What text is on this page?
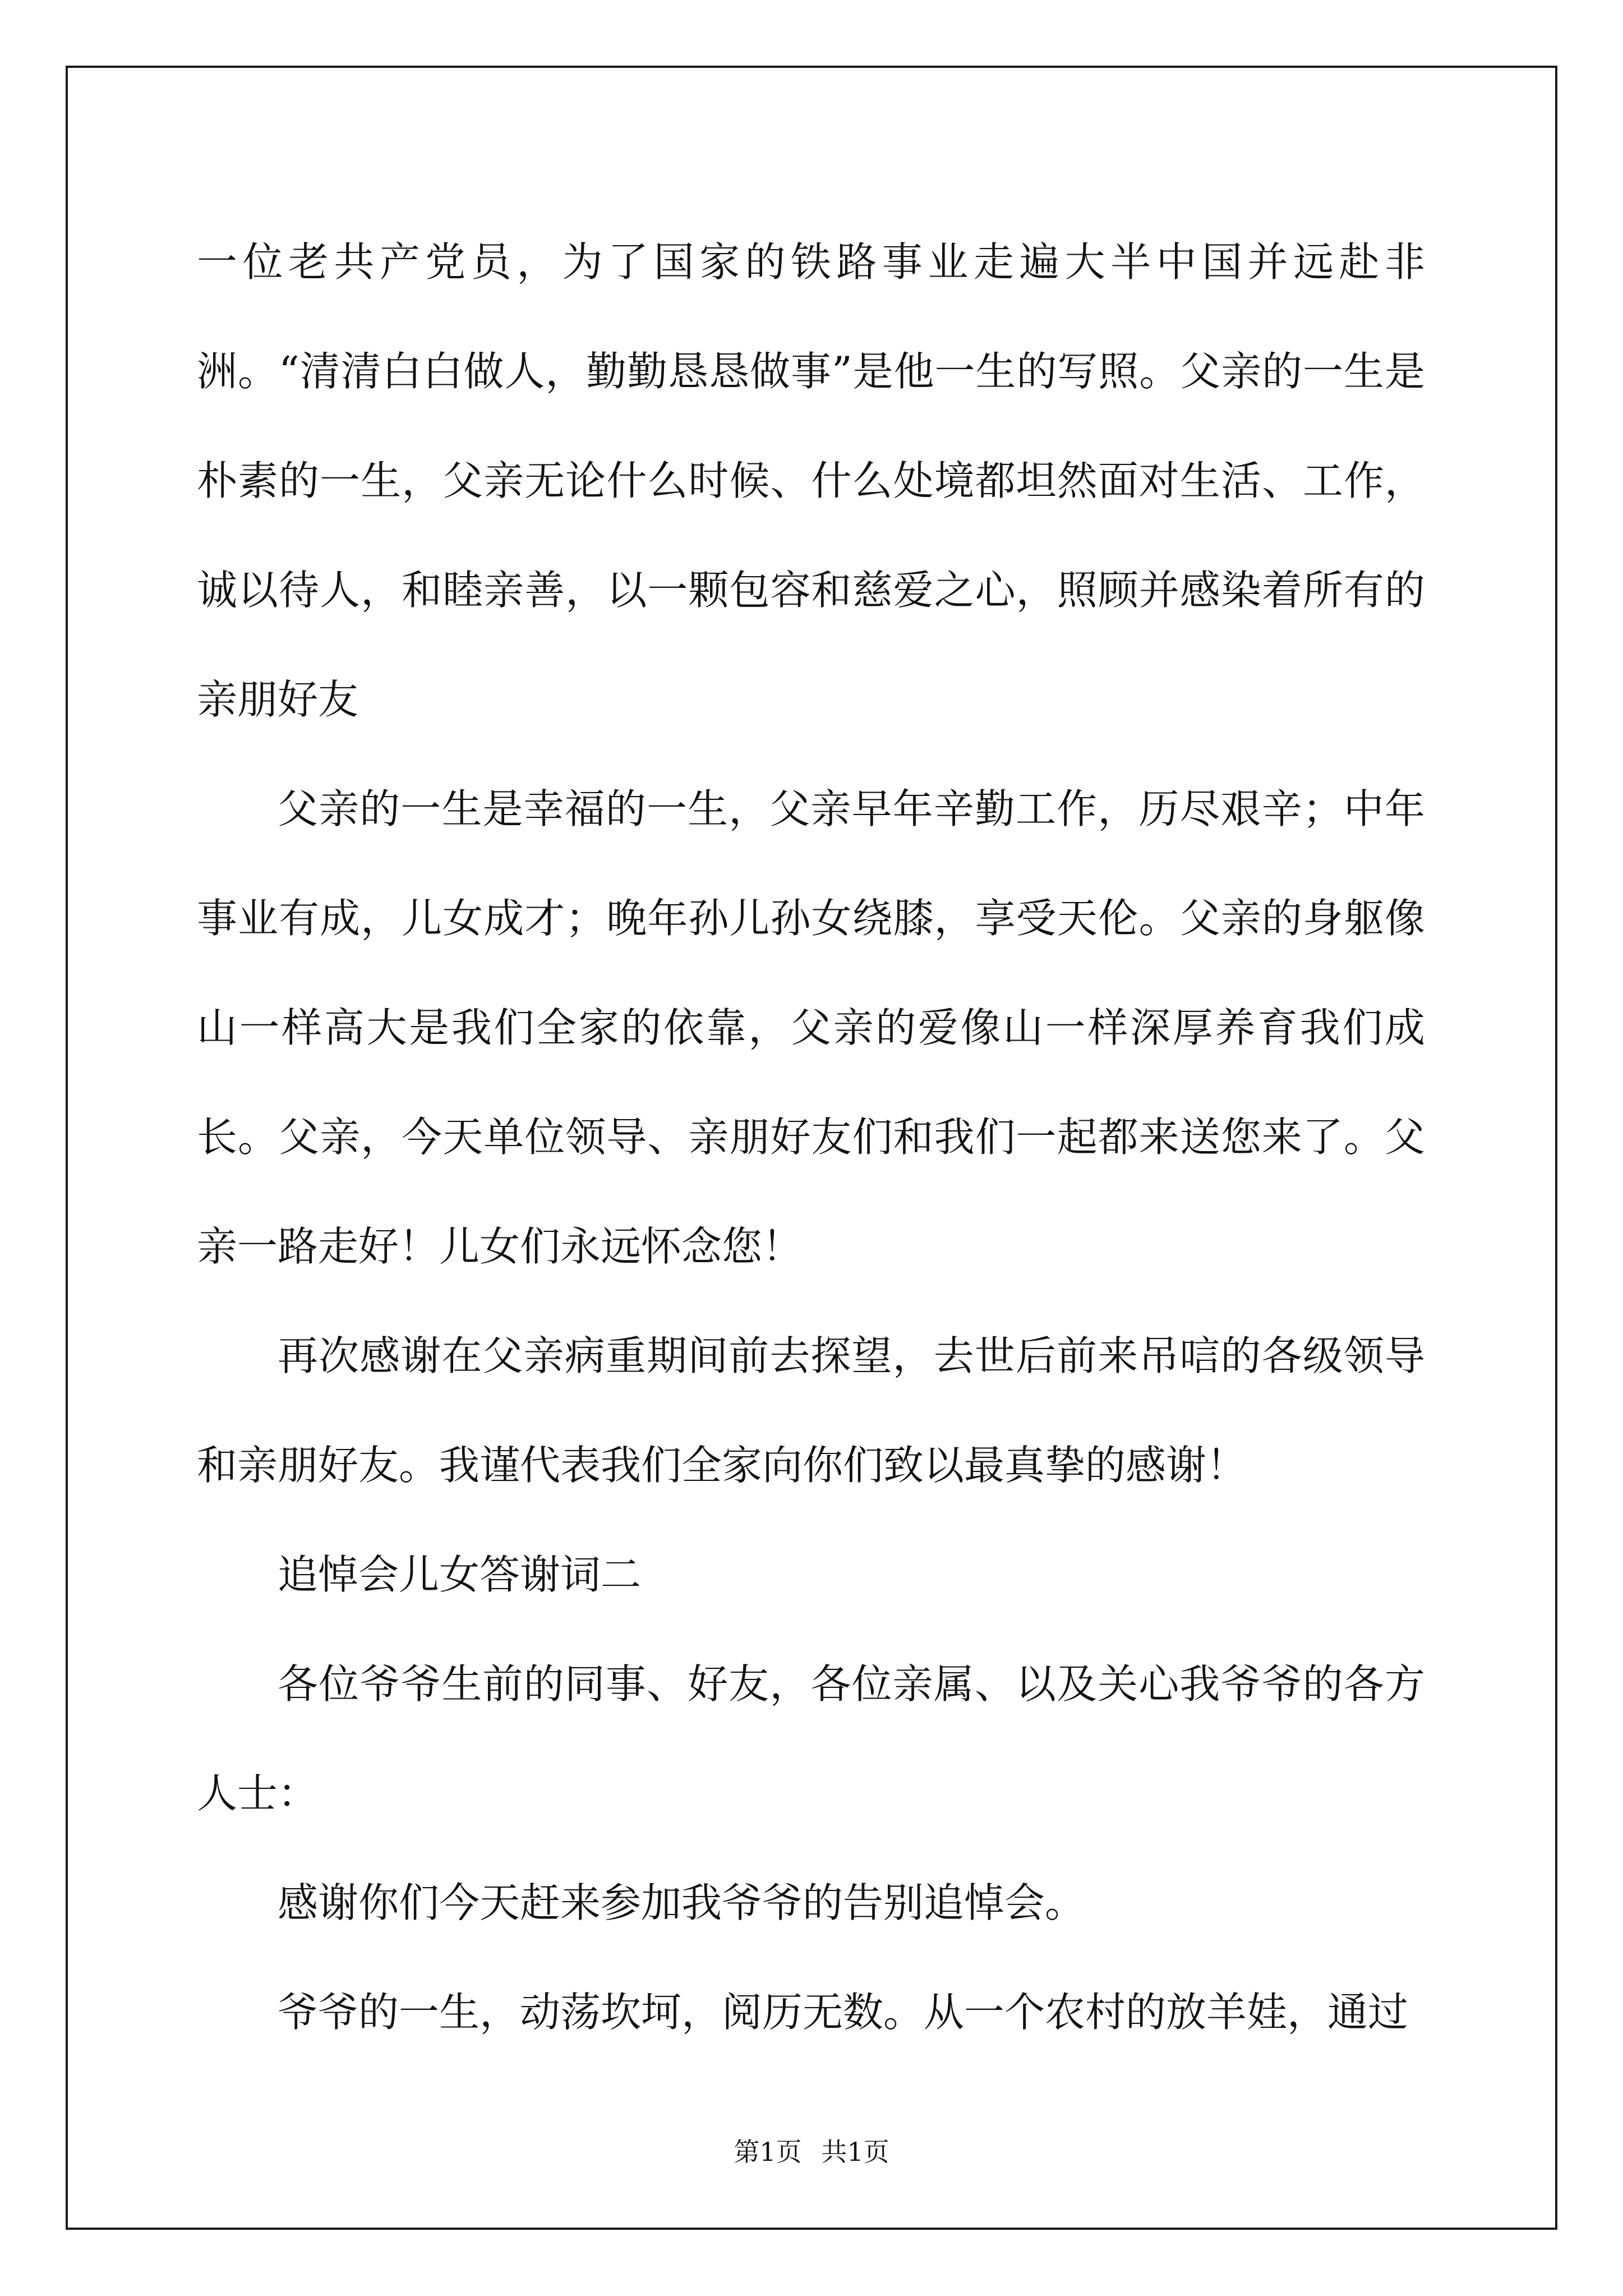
一位老共产党员，为了国家的铁路事业走遍大半中国并远赴非洲。“清清白白做人，勤勤恳恳做事”是他一生的写照。父亲的一生是朴素的一生，父亲无论什么时候、什么处境都坦然面对生活、工作，诚以待人，和睦亲善，以一颗包容和慈爱之心，照顾并感染着所有的亲朋好友

父亲的一生是幸福的一生，父亲早年辛勤工作，历尽艰辛；中年事业有成，儿女成才；晚年孙儿孙女绕膝，享受天伦。父亲的身躯像山一样高大是我们全家的依靠，父亲的爱像山一样深厚养育我们成长。父亲，今天单位领导、亲朋好友们和我们一起都来送您来了。父亲一路走好！儿女们永远怀念您！

再次感谢在父亲病重期间前去探望，去世后前来吊唁的各级领导和亲朋好友。我谨代表我们全家向你们致以最真挚的感谢！

追悼会儿女答谢词二

各位爷爷生前的同事、好友，各位亲属、以及关心我爷爷的各方人士：

感谢你们今天赶来参加我爷爷的告别追悼会。

爷爷的一生，动荡坎坷，阅历无数。从一个农村的放羊娃，通过

第1页 共1页
